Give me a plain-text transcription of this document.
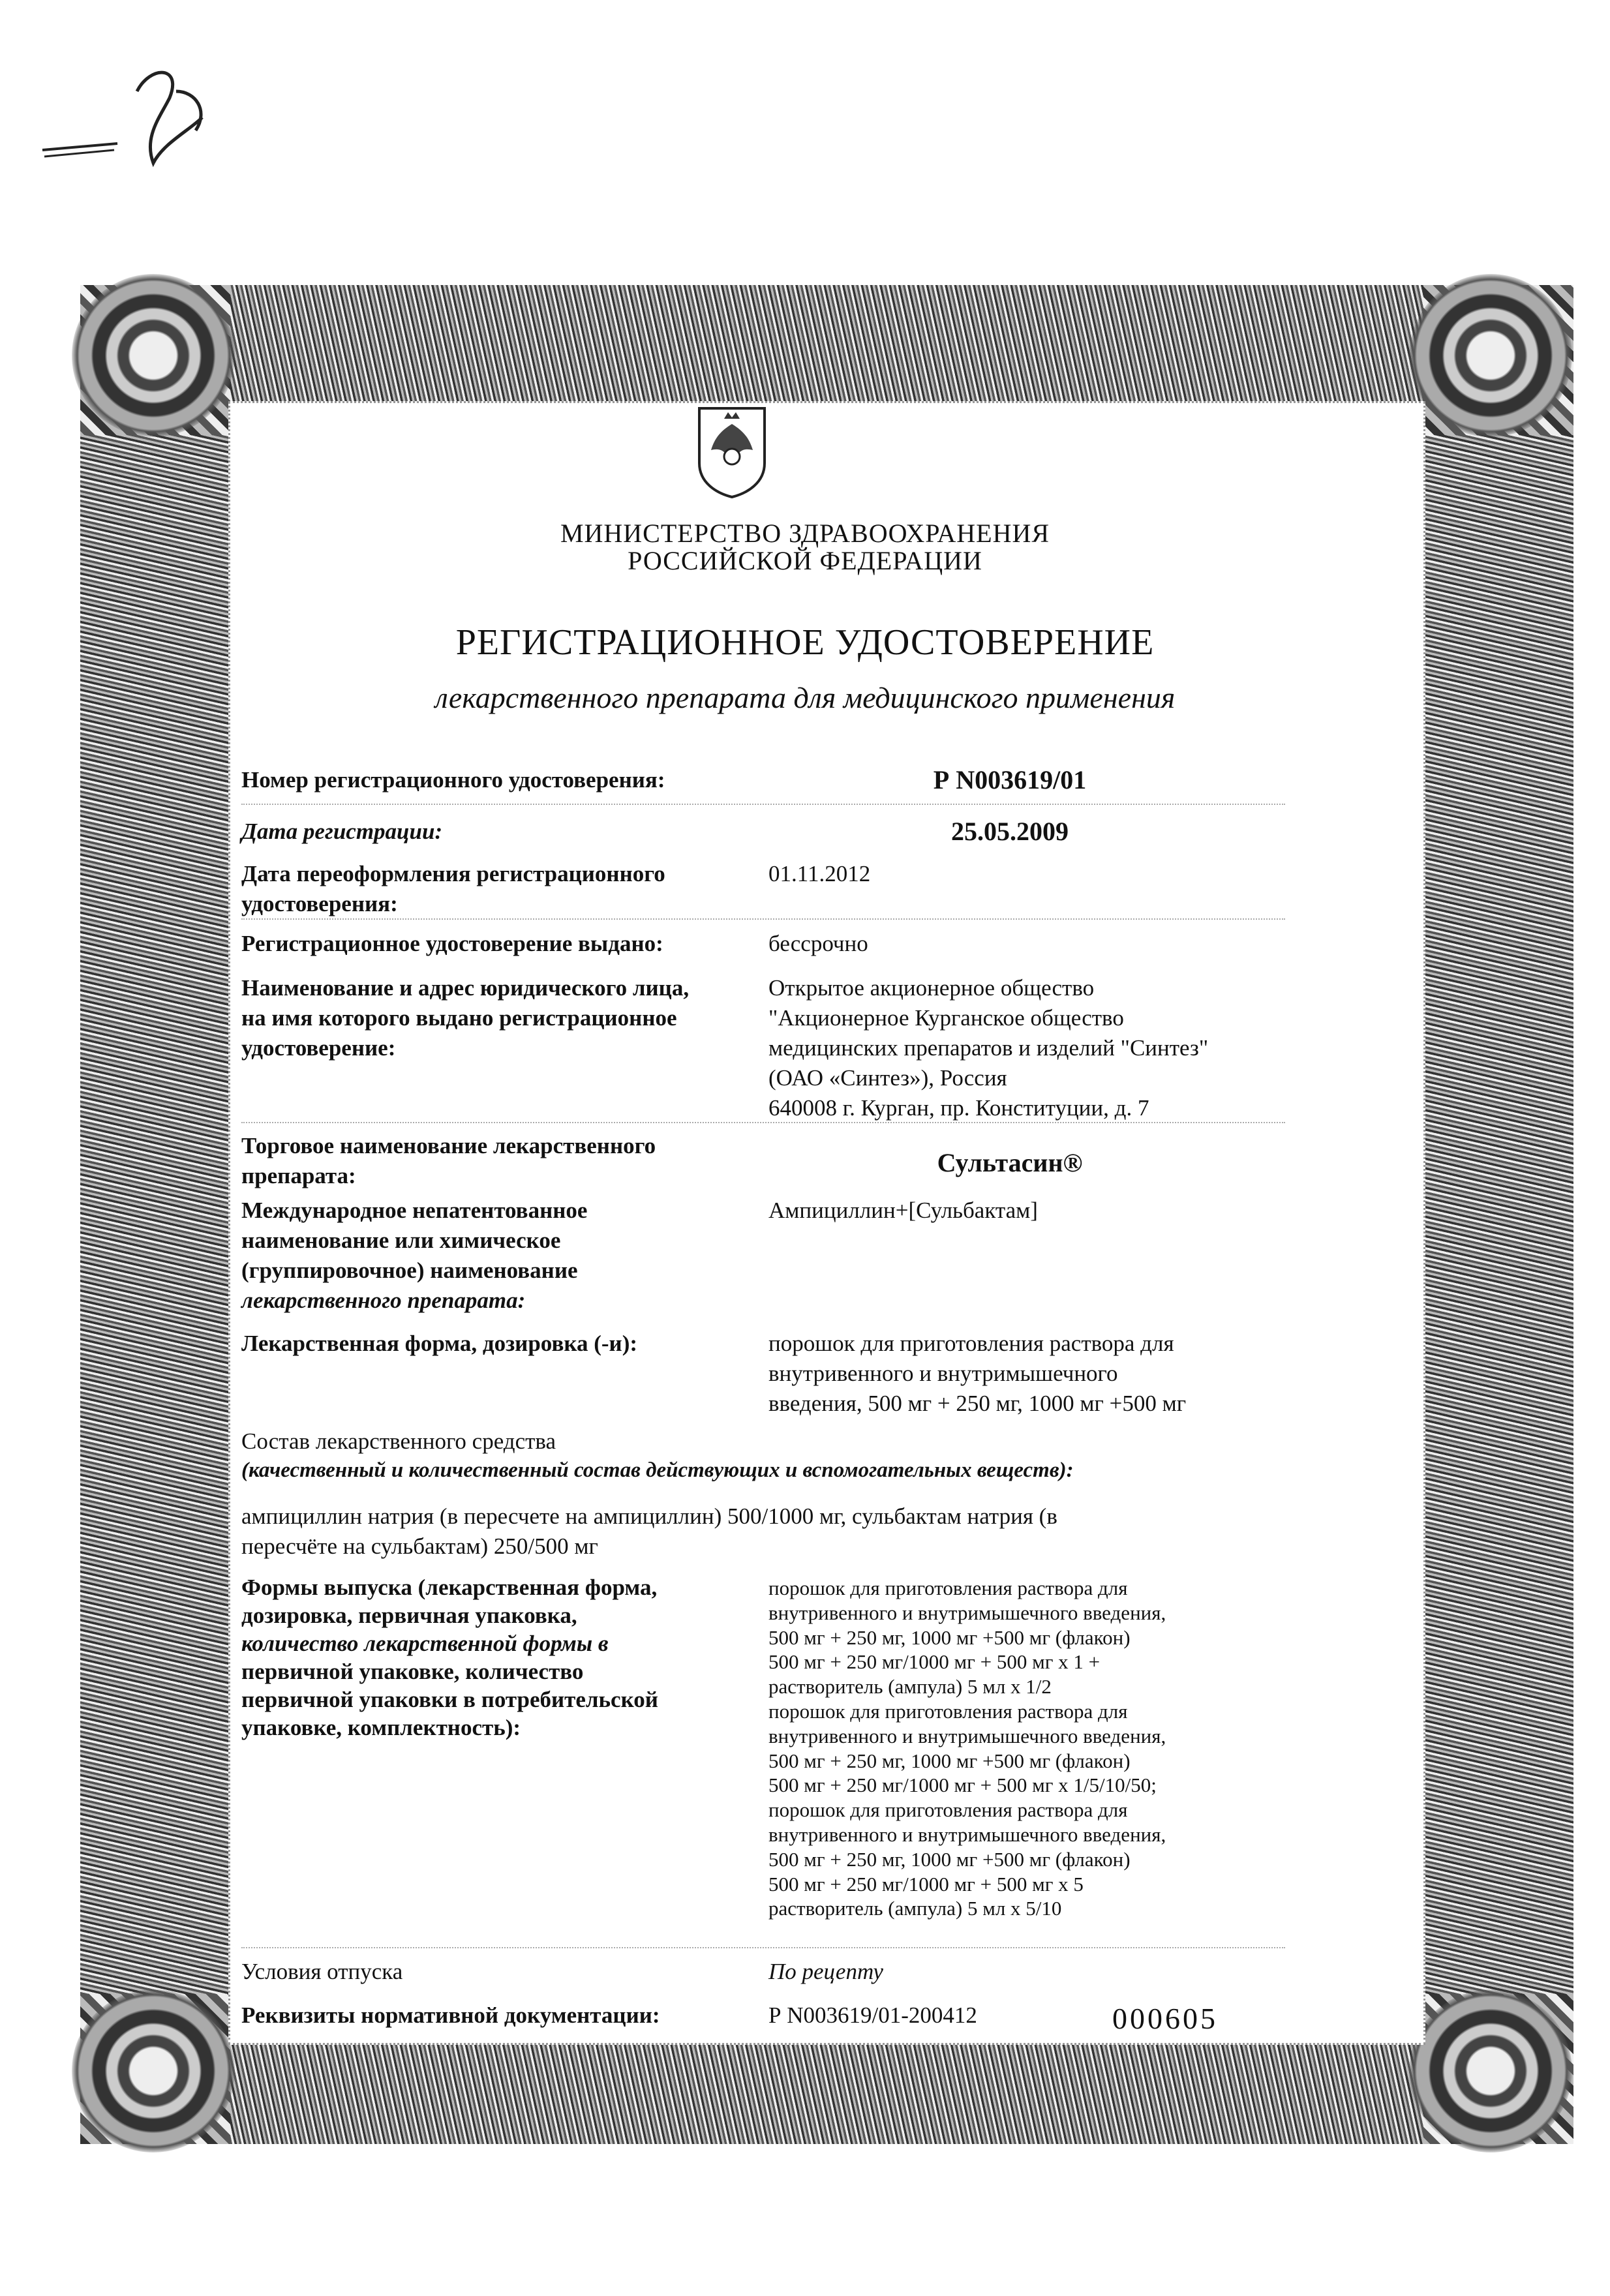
МИНИСТЕРСТВО ЗДРАВООХРАНЕНИЯ
РОССИЙСКОЙ ФЕДЕРАЦИИ
РЕГИСТРАЦИОННОЕ УДОСТОВЕРЕНИЕ
лекарственного препарата для медицинского применения
Номер регистрационного удостоверения:	Р N003619/01
Дата регистрации:	25.05.2009
Дата переоформления регистрационного
удостоверения:
01.11.2012
Регистрационное удостоверение выдано:	бессрочно
Наименование и адрес юридического лица,
на имя которого выдано регистрационное
удостоверение:
Открытое акционерное общество
"Акционерное Курганское общество
медицинских препаратов и изделий "Синтез"
(ОАО «Синтез»), Россия
640008 г. Курган, пр. Конституции, д. 7
Торговое наименование лекарственного
препарата:	Сультасин®
Международное непатентованное
наименование или химическое
(группировочное) наименование
лекарственного препарата:
Ампициллин+[Сульбактам]
Лекарственная форма, дозировка (-и):	порошок для приготовления раствора для
внутривенного и внутримышечного
введения, 500 мг + 250 мг, 1000 мг +500 мг
Состав лекарственного средства
(качественный и количественный состав действующих и вспомогательных веществ):
ампициллин натрия (в пересчете на ампициллин) 500/1000 мг, сульбактам натрия (в
пересчёте на сульбактам) 250/500 мг
Формы выпуска (лекарственная форма,
дозировка, первичная упаковка,
количество лекарственной формы в
первичной упаковке, количество
первичной упаковки в потребительской
упаковке, комплектность):
порошок для приготовления раствора для
внутривенного и внутримышечного введения,
500 мг + 250 мг, 1000 мг +500 мг (флакон)
500 мг + 250 мг/1000 мг + 500 мг х 1 +
растворитель (ампула) 5 мл х 1/2
порошок для приготовления раствора для
внутривенного и внутримышечного введения,
500 мг + 250 мг, 1000 мг +500 мг (флакон)
500 мг + 250 мг/1000 мг + 500 мг х 1/5/10/50;
порошок для приготовления раствора для
внутривенного и внутримышечного введения,
500 мг + 250 мг, 1000 мг +500 мг (флакон)
500 мг + 250 мг/1000 мг + 500 мг х 5
растворитель (ампула) 5 мл х 5/10
Условия отпуска	По рецепту
Реквизиты нормативной документации:	Р N003619/01-200412	000605
